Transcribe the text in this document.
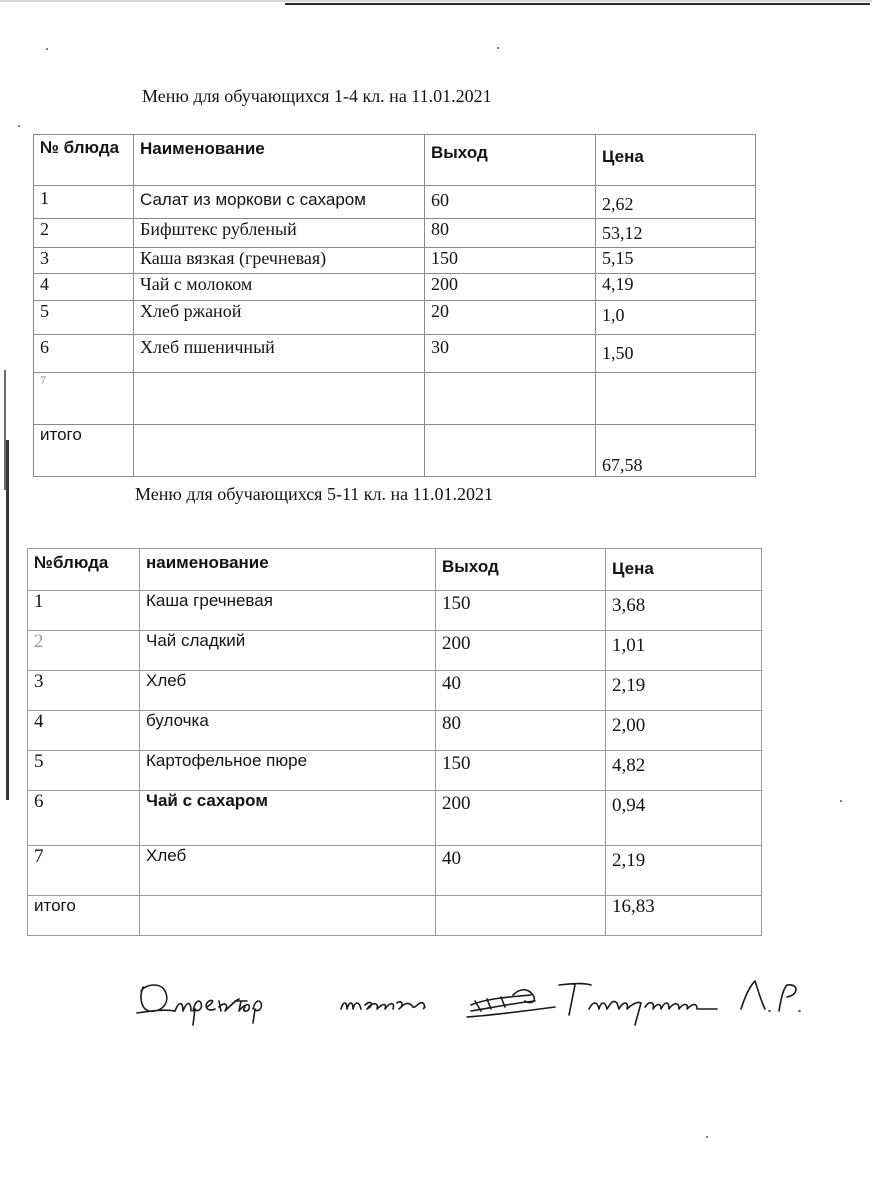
Меню для обучающихся 1-4 кл. на 11.01.2021
№ блюда	Наименование	Выход	Цена
1	Салат из моркови с сахаром	60	2,62
2	Бифштекс рубленый	80	53,12
3	Каша вязкая (гречневая)	150	5,15
4	Чай с молоком	200	4,19
5	Хлеб ржаной	20	1,0
6	Хлеб пшеничный	30	1,50
7			
итого			67,58
Меню для обучающихся 5-11 кл. на 11.01.2021
№блюда	наименование	Выход	Цена
1	Каша гречневая	150	3,68
2	Чай сладкий	200	1,01
3	Хлеб	40	2,19
4	булочка	80	2,00
5	Картофельное пюре	150	4,82
6	Чай с сахаром	200	0,94
7	Хлеб	40	2,19
итого			16,83
